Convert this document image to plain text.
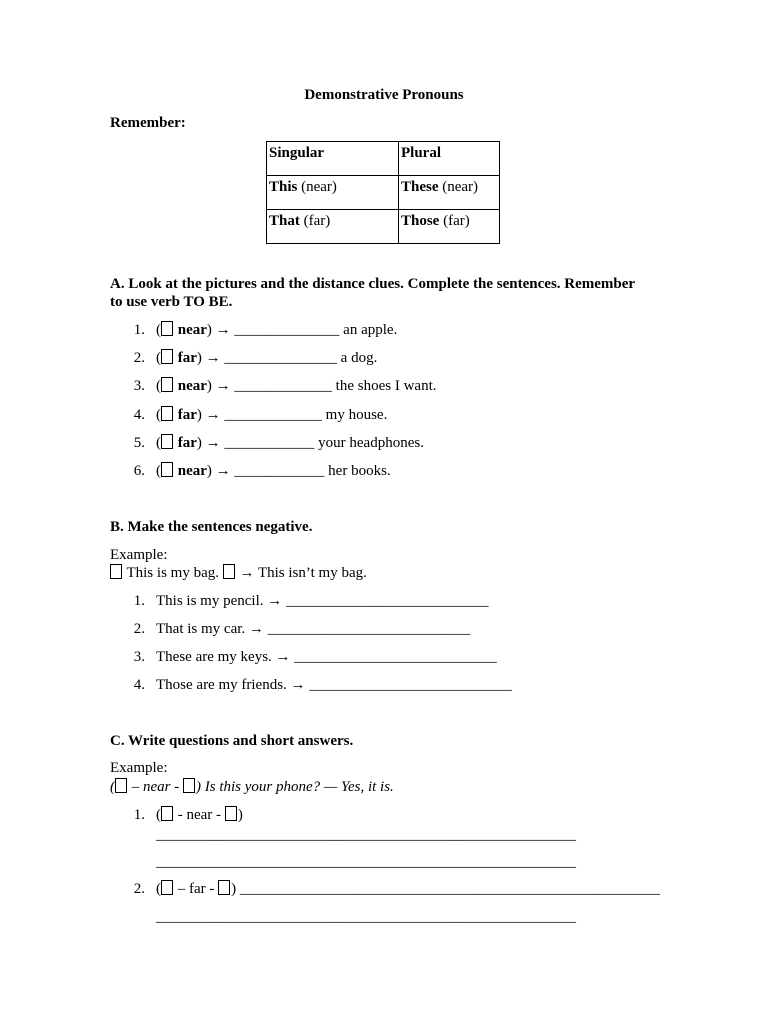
Demonstrative Pronouns
Remember:
Singular	Plural
This (near)	These (near)
That (far)	Those (far)
A. Look at the pictures and the distance clues. Complete the sentences. Remember
to use verb TO BE.
1. ( near) → ______________ an apple.
2. ( far) → _______________ a dog.
3. ( near) → _____________ the shoes I want.
4. ( far) → _____________ my house.
5. ( far) → ____________ your headphones.
6. ( near) → ____________ her books.
B. Make the sentences negative.
Example:
This is my bag.  → This isn’t my bag.
1. This is my pencil. → ___________________________
2. That is my car. → ___________________________
3. These are my keys. → ___________________________
4. Those are my friends. → ___________________________
C. Write questions and short answers.
Example:
( – near - ) Is this your phone? — Yes, it is.
1. ( - near - )
________________________________________________________
________________________________________________________
2. ( – far - ) ________________________________________________________
________________________________________________________
